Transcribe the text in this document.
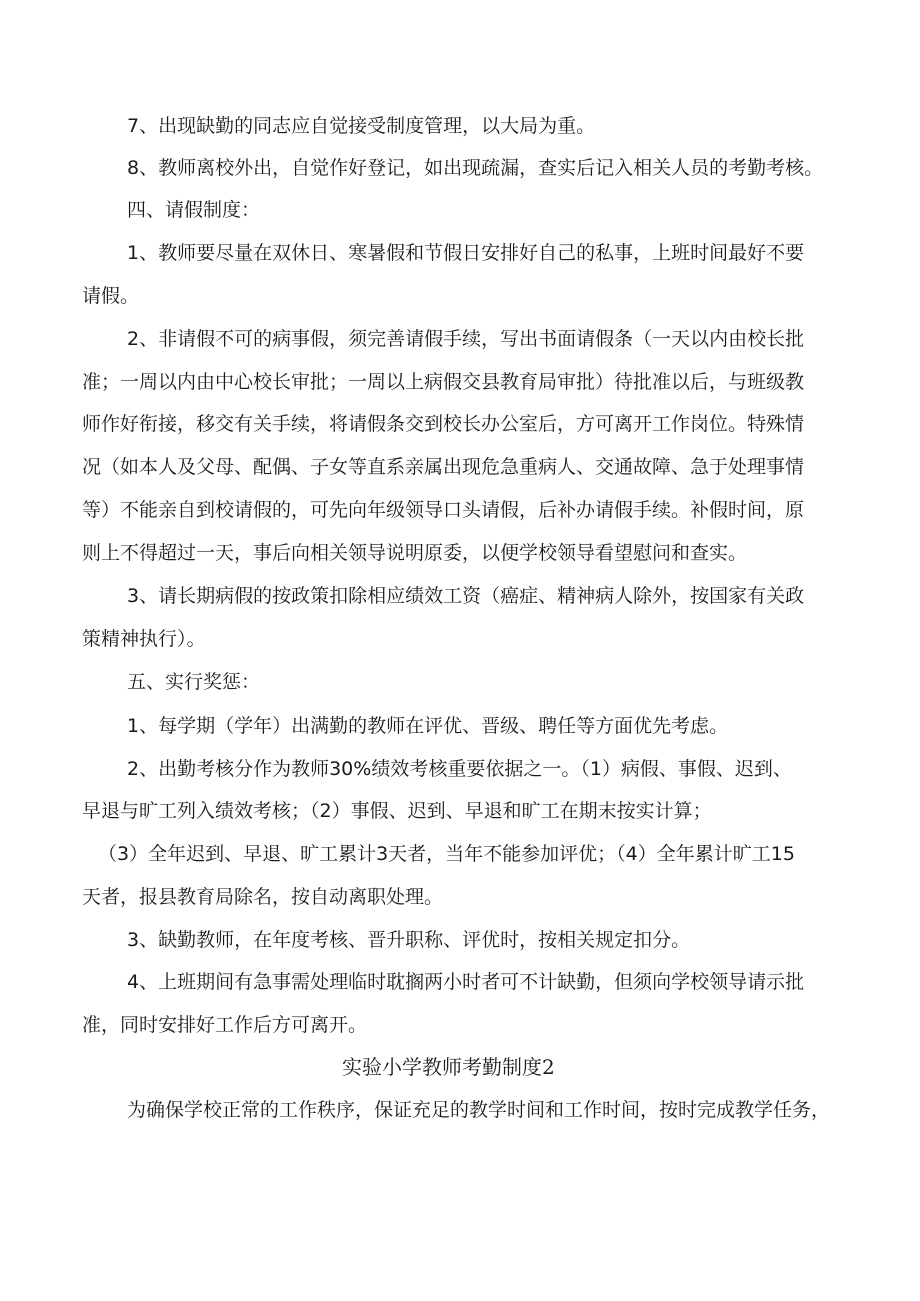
7、出现缺勤的同志应自觉接受制度管理，以大局为重。

8、教师离校外出，自觉作好登记，如出现疏漏，查实后记入相关人员的考勤考核。

四、请假制度：

1、教师要尽量在双休日、寒暑假和节假日安排好自己的私事，上班时间最好不要

请假。

2、非请假不可的病事假，须完善请假手续，写出书面请假条（一天以内由校长批

准；一周以内由中心校长审批；一周以上病假交县教育局审批）待批准以后，与班级教

师作好衔接，移交有关手续，将请假条交到校长办公室后，方可离开工作岗位。特殊情

况（如本人及父母、配偶、子女等直系亲属出现危急重病人、交通故障、急于处理事情

等）不能亲自到校请假的，可先向年级领导口头请假，后补办请假手续。补假时间，原

则上不得超过一天，事后向相关领导说明原委，以便学校领导看望慰问和查实。

3、请长期病假的按政策扣除相应绩效工资（癌症、精神病人除外，按国家有关政

策精神执行）。

五、实行奖惩：

1、每学期（学年）出满勤的教师在评优、晋级、聘任等方面优先考虑。

2、出勤考核分作为教师30%绩效考核重要依据之一。（1）病假、事假、迟到、

早退与旷工列入绩效考核；（2）事假、迟到、早退和旷工在期末按实计算；

（3）全年迟到、早退、旷工累计3天者，当年不能参加评优；（4）全年累计旷工15

天者，报县教育局除名，按自动离职处理。

3、缺勤教师，在年度考核、晋升职称、评优时，按相关规定扣分。

4、上班期间有急事需处理临时耽搁两小时者可不计缺勤，但须向学校领导请示批

准，同时安排好工作后方可离开。

实验小学教师考勤制度2

为确保学校正常的工作秩序，保证充足的教学时间和工作时间，按时完成教学任务，
